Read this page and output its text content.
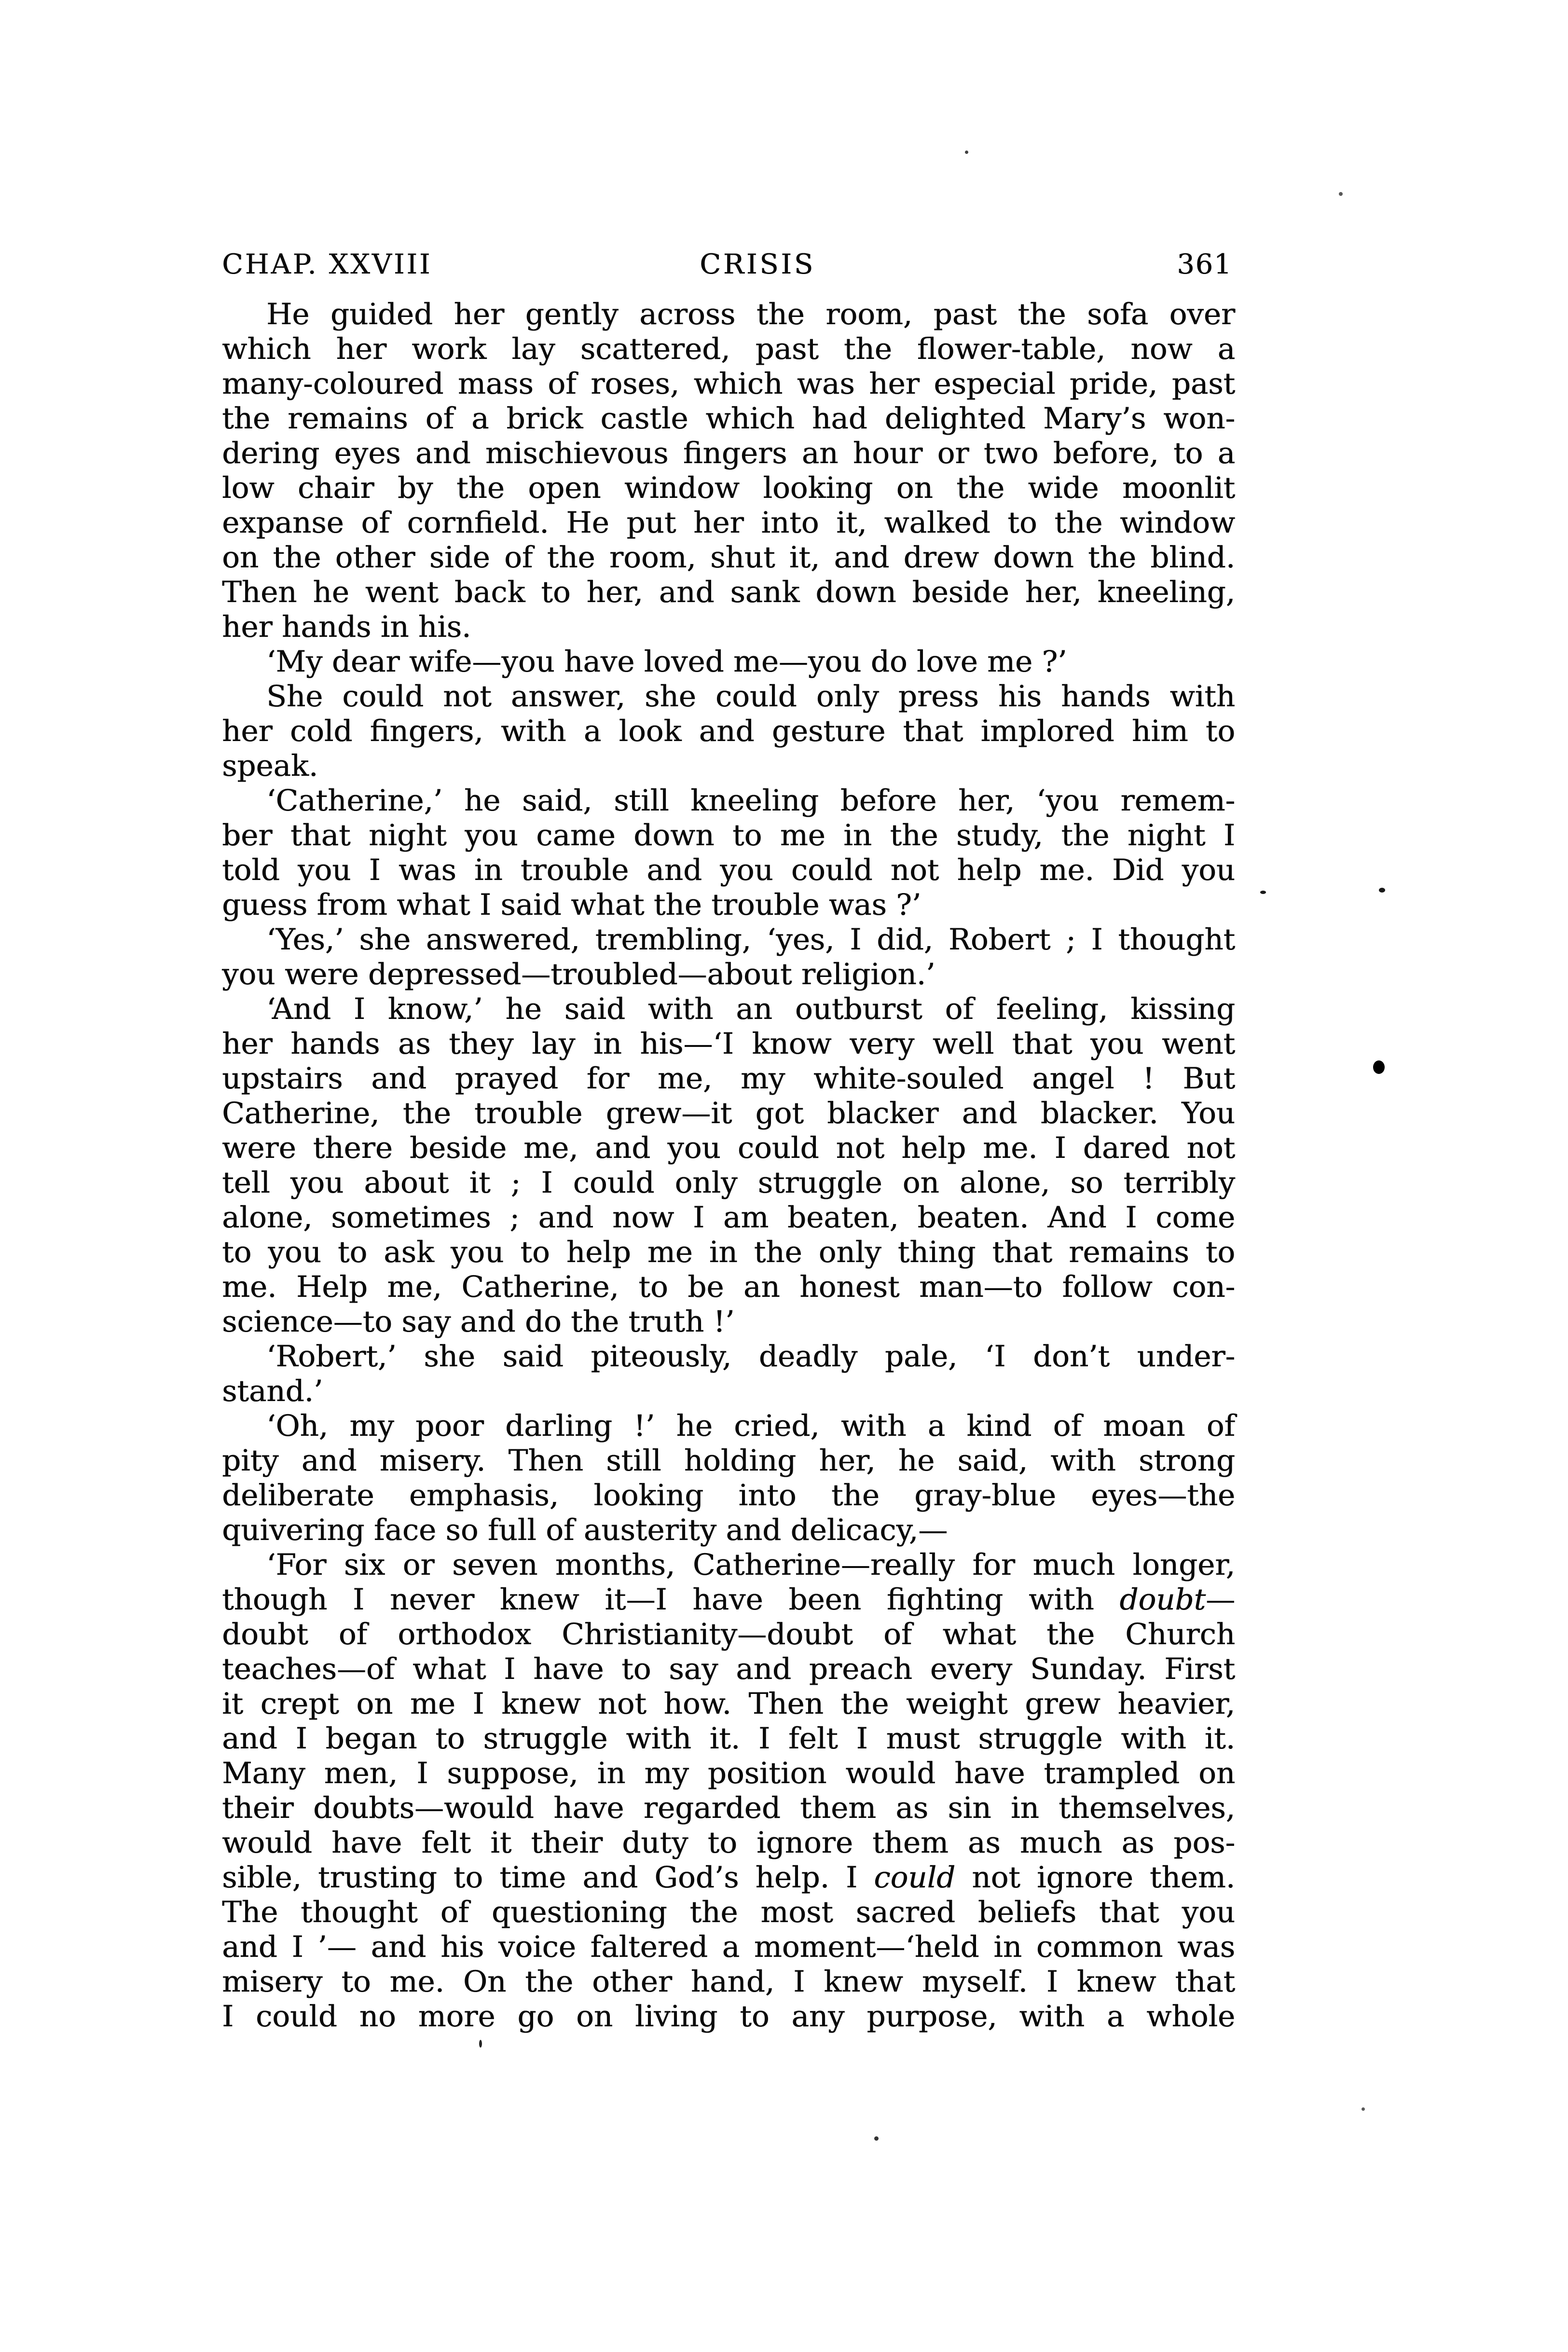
CHAP. XXVIII	CRISIS	361
He guided her gently across the room, past the sofa over
which her work lay scattered, past the flower-table, now a
many-coloured mass of roses, which was her especial pride, past
the remains of a brick castle which had delighted Mary’s won-
dering eyes and mischievous fingers an hour or two before, to a
low chair by the open window looking on the wide moonlit
expanse of cornfield. He put her into it, walked to the window
on the other side of the room, shut it, and drew down the blind.
Then he went back to her, and sank down beside her, kneeling,
her hands in his.
‘My dear wife—you have loved me—you do love me ?’
She could not answer, she could only press his hands with
her cold fingers, with a look and gesture that implored him to
speak.
‘Catherine,’ he said, still kneeling before her, ‘you remem-
ber that night you came down to me in the study, the night I
told you I was in trouble and you could not help me. Did you
guess from what I said what the trouble was ?’
‘Yes,’ she answered, trembling, ‘yes, I did, Robert ; I thought
you were depressed—troubled—about religion.’
‘And I know,’ he said with an outburst of feeling, kissing
her hands as they lay in his—‘I know very well that you went
upstairs and prayed for me, my white-souled angel ! But
Catherine, the trouble grew—it got blacker and blacker. You
were there beside me, and you could not help me. I dared not
tell you about it ; I could only struggle on alone, so terribly
alone, sometimes ; and now I am beaten, beaten. And I come
to you to ask you to help me in the only thing that remains to
me. Help me, Catherine, to be an honest man—to follow con-
science—to say and do the truth !’
‘Robert,’ she said piteously, deadly pale, ‘I don’t under-
stand.’
‘Oh, my poor darling !’ he cried, with a kind of moan of
pity and misery. Then still holding her, he said, with strong
deliberate emphasis, looking into the gray-blue eyes—the
quivering face so full of austerity and delicacy,—
‘For six or seven months, Catherine—really for much longer,
though I never knew it—I have been fighting with doubt—
doubt of orthodox Christianity—doubt of what the Church
teaches—of what I have to say and preach every Sunday. First
it crept on me I knew not how. Then the weight grew heavier,
and I began to struggle with it. I felt I must struggle with it.
Many men, I suppose, in my position would have trampled on
their doubts—would have regarded them as sin in themselves,
would have felt it their duty to ignore them as much as pos-
sible, trusting to time and God’s help. I could not ignore them.
The thought of questioning the most sacred beliefs that you
and I ’— and his voice faltered a moment—‘held in common was
misery to me. On the other hand, I knew myself. I knew that
I could no more go on living to any purpose, with a whole
